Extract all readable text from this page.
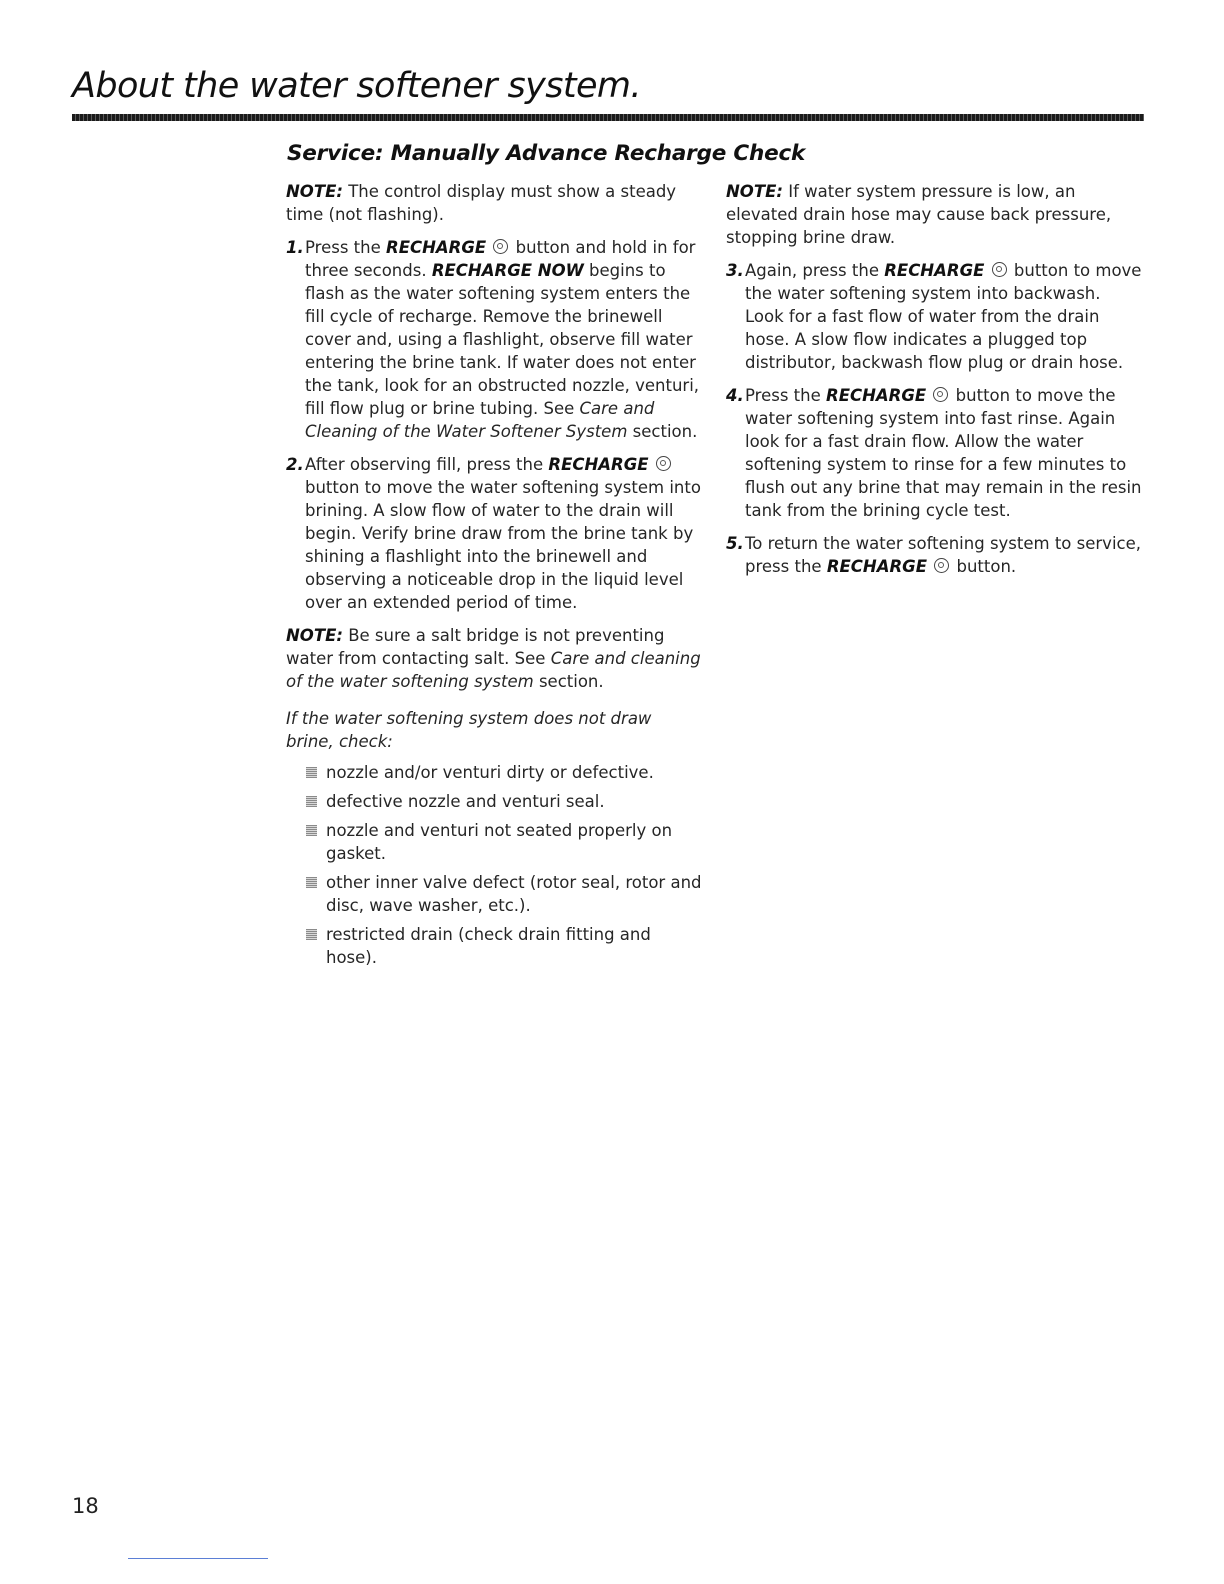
About the water softener system.
Service: Manually Advance Recharge Check

NOTE: The control display must show a steady time (not flashing).

1. Press the RECHARGE  button and hold in for three seconds. RECHARGE NOW begins to flash as the water softening system enters the fill cycle of recharge. Remove the brinewell cover and, using a flashlight, observe fill water entering the brine tank. If water does not enter the tank, look for an obstructed nozzle, venturi, fill flow plug or brine tubing. See Care and Cleaning of the Water Softener System section.
2. After observing fill, press the RECHARGE  button to move the water softening system into brining. A slow flow of water to the drain will begin. Verify brine draw from the brine tank by shining a flashlight into the brinewell and observing a noticeable drop in the liquid level over an extended period of time.

NOTE: Be sure a salt bridge is not preventing water from contacting salt. See Care and cleaning of the water softening system section.

If the water softening system does not draw brine, check:

nozzle and/or venturi dirty or defective.
defective nozzle and venturi seal.
nozzle and venturi not seated properly on gasket.
other inner valve defect (rotor seal, rotor and disc, wave washer, etc.).
restricted drain (check drain fitting and hose).

NOTE: If water system pressure is low, an elevated drain hose may cause back pressure, stopping brine draw.

3. Again, press the RECHARGE  button to move the water softening system into backwash. Look for a fast flow of water from the drain hose. A slow flow indicates a plugged top distributor, backwash flow plug or drain hose.
4. Press the RECHARGE  button to move the water softening system into fast rinse. Again look for a fast drain flow. Allow the water softening system to rinse for a few minutes to flush out any brine that may remain in the resin tank from the brining cycle test.
5. To return the water softening system to service, press the RECHARGE  button.
18
